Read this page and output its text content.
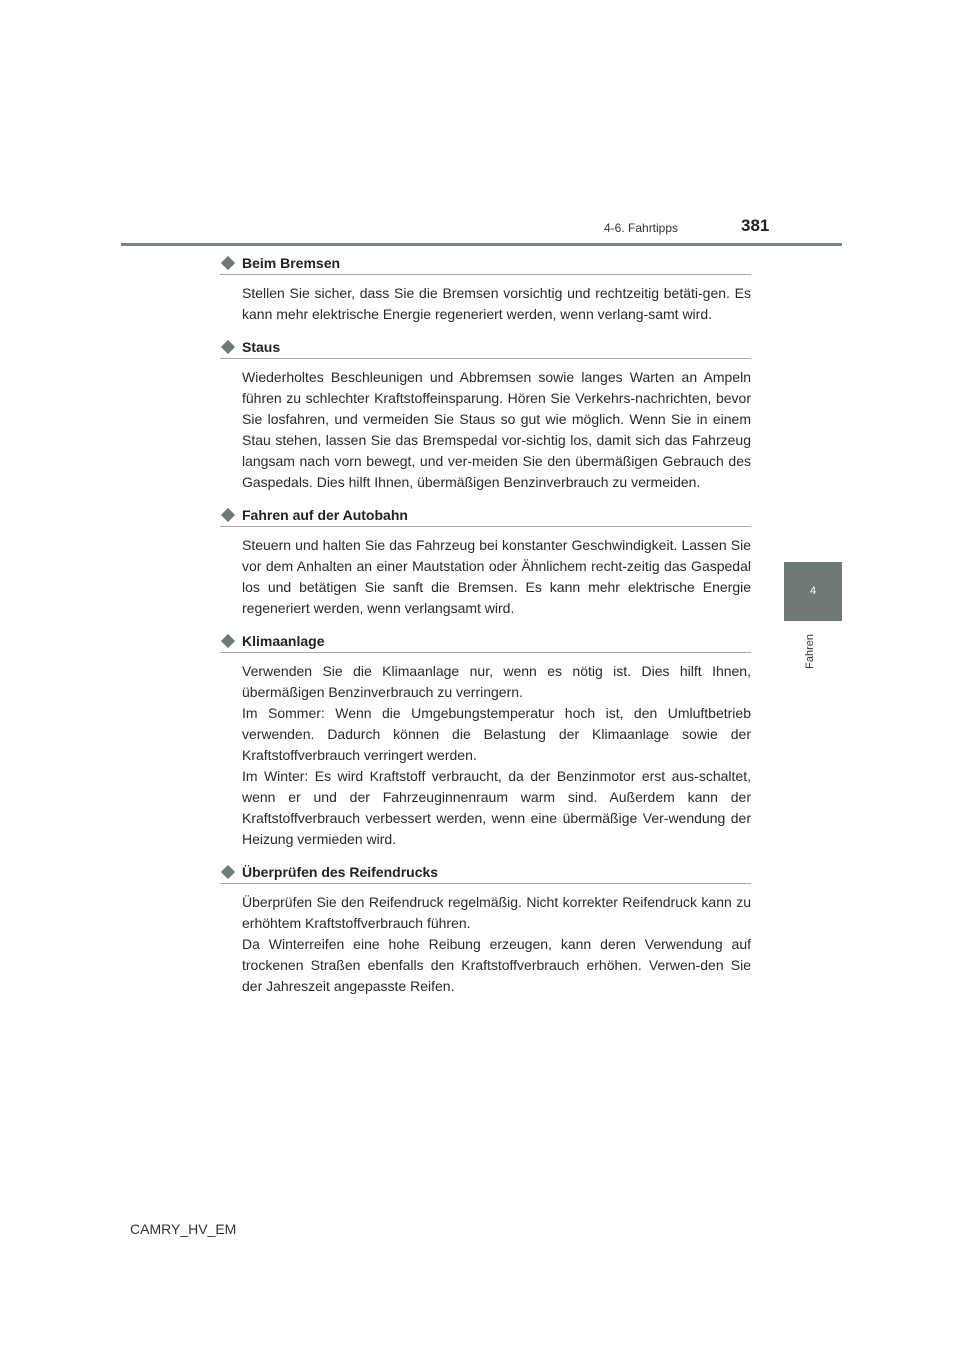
4-6. Fahrtipps	381
4
Fahren
Beim Bremsen

Stellen Sie sicher, dass Sie die Bremsen vorsichtig und rechtzeitig betäti-gen. Es kann mehr elektrische Energie regeneriert werden, wenn verlang-samt wird.

Staus

Wiederholtes Beschleunigen und Abbremsen sowie langes Warten an Ampeln führen zu schlechter Kraftstoffeinsparung. Hören Sie Verkehrs-nachrichten, bevor Sie losfahren, und vermeiden Sie Staus so gut wie möglich. Wenn Sie in einem Stau stehen, lassen Sie das Bremspedal vor-sichtig los, damit sich das Fahrzeug langsam nach vorn bewegt, und ver-meiden Sie den übermäßigen Gebrauch des Gaspedals. Dies hilft Ihnen, übermäßigen Benzinverbrauch zu vermeiden.

Fahren auf der Autobahn

Steuern und halten Sie das Fahrzeug bei konstanter Geschwindigkeit. Lassen Sie vor dem Anhalten an einer Mautstation oder Ähnlichem recht-zeitig das Gaspedal los und betätigen Sie sanft die Bremsen. Es kann mehr elektrische Energie regeneriert werden, wenn verlangsamt wird.

Klimaanlage

Verwenden Sie die Klimaanlage nur, wenn es nötig ist. Dies hilft Ihnen, übermäßigen Benzinverbrauch zu verringern.

Im Sommer: Wenn die Umgebungstemperatur hoch ist, den Umluftbetrieb verwenden. Dadurch können die Belastung der Klimaanlage sowie der Kraftstoffverbrauch verringert werden.

Im Winter: Es wird Kraftstoff verbraucht, da der Benzinmotor erst aus-schaltet, wenn er und der Fahrzeuginnenraum warm sind. Außerdem kann der Kraftstoffverbrauch verbessert werden, wenn eine übermäßige Ver-wendung der Heizung vermieden wird.

Überprüfen des Reifendrucks

Überprüfen Sie den Reifendruck regelmäßig. Nicht korrekter Reifendruck kann zu erhöhtem Kraftstoffverbrauch führen.

Da Winterreifen eine hohe Reibung erzeugen, kann deren Verwendung auf trockenen Straßen ebenfalls den Kraftstoffverbrauch erhöhen. Verwen-den Sie der Jahreszeit angepasste Reifen.

CAMRY_HV_EM
